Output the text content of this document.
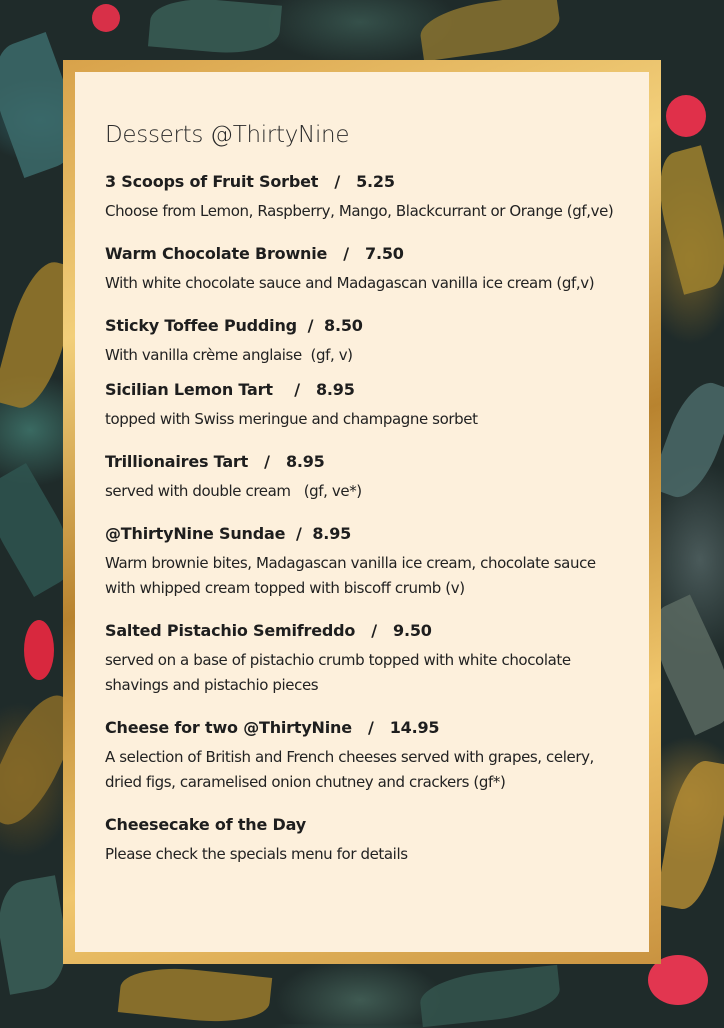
Desserts @ThirtyNine
3 Scoops of Fruit Sorbet   /   5.25
Choose from Lemon, Raspberry, Mango, Blackcurrant or Orange (gf,ve)
Warm Chocolate Brownie   /   7.50
With white chocolate sauce and Madagascan vanilla ice cream (gf,v)
Sticky Toffee Pudding  /  8.50
With vanilla crème anglaise  (gf, v)
Sicilian Lemon Tart    /   8.95
topped with Swiss meringue and champagne sorbet
Trillionaires Tart   /   8.95
served with double cream   (gf, ve*)
@ThirtyNine Sundae  /  8.95
Warm brownie bites, Madagascan vanilla ice cream, chocolate sauce
with whipped cream topped with biscoff crumb (v)
Salted Pistachio Semifreddo   /   9.50
served on a base of pistachio crumb topped with white chocolate
shavings and pistachio pieces
Cheese for two @ThirtyNine   /   14.95
A selection of British and French cheeses served with grapes, celery,
dried figs, caramelised onion chutney and crackers (gf*)
Cheesecake of the Day
Please check the specials menu for details
